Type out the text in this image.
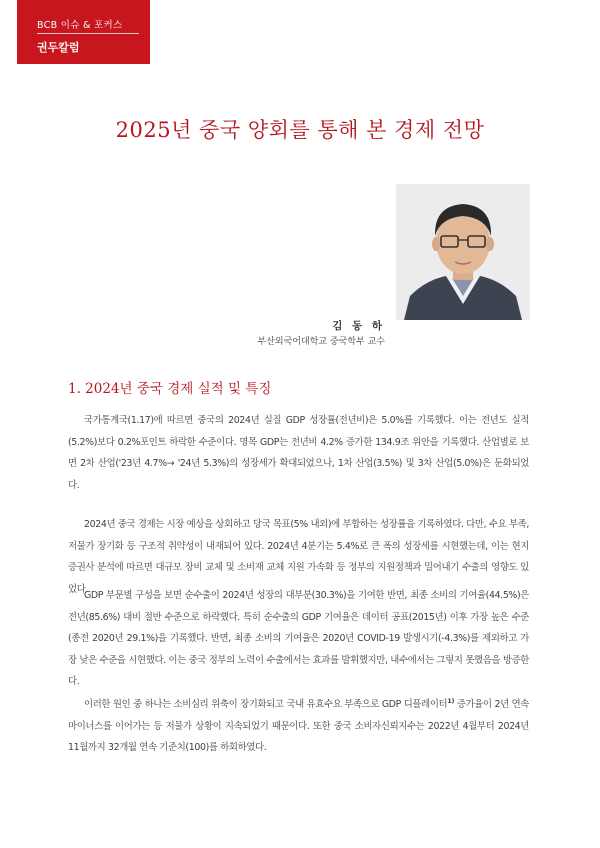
BCB 이슈 & 포커스
권두칼럼
2025년 중국 양회를 통해 본 경제 전망
김 동 하
부산외국어대학교 중국학부 교수
1. 2024년 중국 경제 실적 및 특징

국가통계국(1.17)에 따르면 중국의 2024년 실질 GDP 성장률(전년비)은 5.0%를 기록했다. 이는 전년도 실적(5.2%)보다 0.2%포인트 하락한 수준이다. 명목 GDP는 전년비 4.2% 증가한 134.9조 위안을 기록했다. 산업별로 보면 2차 산업('23년 4.7%→ '24년 5.3%)의 성장세가 확대되었으나, 1차 산업(3.5%) 및 3차 산업(5.0%)은 둔화되었다.

2024년 중국 경제는 시장 예상을 상회하고 당국 목표(5% 내외)에 부합하는 성장률을 기록하였다. 다만, 수요 부족, 저물가 장기화 등 구조적 취약성이 내재되어 있다. 2024년 4분기는 5.4%로 큰 폭의 성장세를 시현했는데, 이는 현지 증권사 분석에 따르면 대규모 장비 교체 및 소비재 교체 지원 가속화 등 정부의 지원정책과 밀어내기 수출의 영향도 있었다.

GDP 부문별 구성을 보면 순수출이 2024년 성장의 대부분(30.3%)을 기여한 반면, 최종 소비의 기여율(44.5%)은 전년(85.6%) 대비 절반 수준으로 하락했다. 특히 순수출의 GDP 기여율은 데이터 공표(2015년) 이후 가장 높은 수준(종전 2020년 29.1%)을 기록했다. 반면, 최종 소비의 기여율은 2020년 COVID-19 발생시기(-4.3%)를 제외하고 가장 낮은 수준을 시현했다. 이는 중국 정부의 노력이 수출에서는 효과를 발휘했지만, 내수에서는 그렇지 못했음을 방증한다.

이러한 원인 중 하나는 소비심리 위축이 장기화되고 국내 유효수요 부족으로 GDP 디플레이터$^{1)}$ 증가율이 2년 연속 마이너스를 이어가는 등 저물가 상황이 지속되었기 때문이다. 또한 중국 소비자신뢰지수는 2022년 4월부터 2024년 11월까지 32개월 연속 기준치(100)를 하회하였다.
